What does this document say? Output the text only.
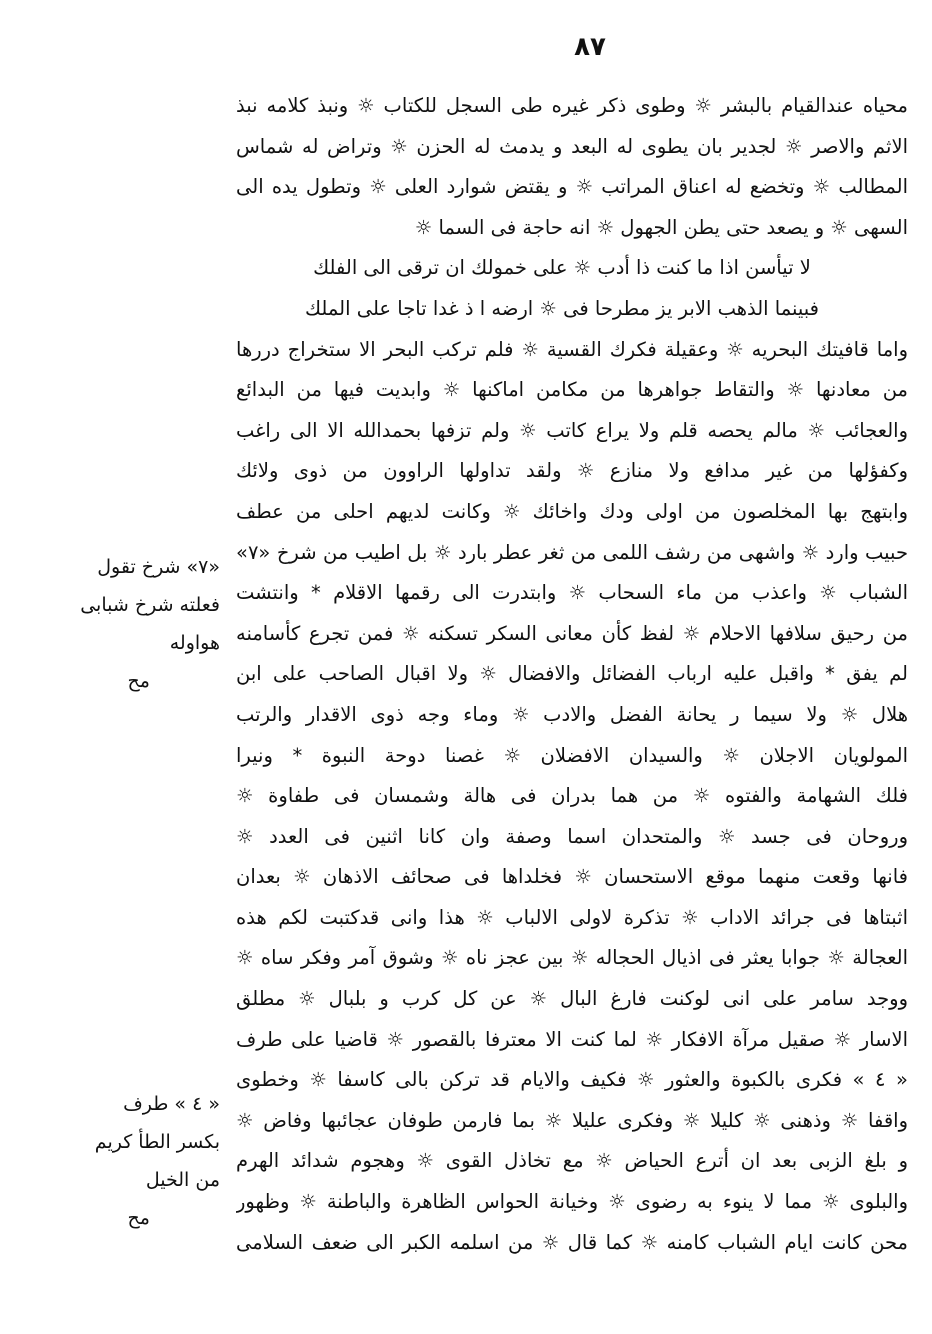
٨٧
محياه عندالقيام بالبشر ☼ وطوى ذكر غيره طى السجل للكتاب ☼ ونبذ كلامه نبذ
الاثم والاصر ☼ لجدير بان يطوى له البعد و يدمث له الحزن ☼ وتراض له شماس
المطالب ☼ وتخضع له اعناق المراتب ☼ و يقتض شوارد العلى ☼ وتطول يده الى
السهى ☼ و يصعد حتى يطن الجهول ☼ انه حاجة فى السما ☼
لا تيأسن اذا ما كنت ذا أدب ☼ على خمولك ان ترقى الى الفلك
فبينما الذهب الابر يز مطرحا فى ☼ ارضه ا ذ غدا تاجا على الملك
واما قافيتك البحريه ☼ وعقيلة فكرك القسية ☼ فلم تركب البحر الا ستخراج دررها
من معادنها ☼ والتقاط جواهرها من مكامن اماكنها ☼ وابديت فيها من البدائع
والعجائب ☼ مالم يحصه قلم ولا يراع كاتب ☼ ولم تزفها بحمدالله الا الى راغب
وكفؤلها من غير مدافع ولا منازع ☼ ولقد تداولها الراوون من ذوى ولائك
وابتهج بها المخلصون من اولى ودك واخائك ☼ وكانت لديهم احلى من عطف
حبيب وارد ☼ واشهى من رشف اللمى من ثغر عطر بارد ☼ بل اطيب من شرخ «٧»
الشباب ☼ واعذب من ماء السحاب ☼ وابتدرت الى رقمها الاقلام * وانتشت
من رحيق سلافها الاحلام ☼ لفظ كأن معانى السكر تسكنه ☼ فمن تجرع كأسامنه
لم يفق * واقبل عليه ارباب الفضائل والافضال ☼ ولا اقبال الصاحب على ابن
هلال ☼ ولا سيما ر يحانة الفضل والادب ☼ وماء وجه ذوى الاقدار والرتب
المولويان الاجلان ☼ والسيدان الافضلان ☼ غصنا دوحة النبوة * ونيرا
فلك الشهامة والفتوه ☼ من هما بدران فى هالة وشمسان فى طفاوة ☼
وروحان فى جسد ☼ والمتحدان اسما وصفة وان كانا اثنين فى العدد ☼
فانها وقعت منهما موقع الاستحسان ☼ فخلداها فى صحائف الاذهان ☼ بعدان
اثبتاها فى جرائد الاداب ☼ تذكرة لاولى الالباب ☼ هذا وانى قدكتبت لكم هذه
العجالة ☼ جوابا يعثر فى اذيال الحجاله ☼ بين عجز ناه ☼ وشوق آمر وفكر ساه ☼
ووجد سامر على انى لوكنت فارغ البال ☼ عن كل كرب و بلبال ☼ مطلق
الاسار ☼ صقيل مرآة الافكار ☼ لما كنت الا معترفا بالقصور ☼ قاضيا على طرف
« ٤ » فكرى بالكبوة والعثور ☼ فكيف والايام قد تركن بالى كاسفا ☼ وخطوى
واقفا ☼ وذهنى ☼ كليلا ☼ وفكرى عليلا ☼ بما فارمن طوفان عجائبها وفاض ☼
و بلغ الزبى بعد ان أترع الحياض ☼ مع تخاذل القوى ☼ وهجوم شدائد الهرم
والبلوى ☼ مما لا ينوء به رضوى ☼ وخيانة الحواس الظاهرة والباطنة ☼ وظهور
محن كانت ايام الشباب كامنه ☼ كما قال ☼ من اسلمه الكبر الى ضعف السلامى
«٧» شرخ تقول
فعلته شرخ شبابى
هواوله
مح
« ٤ » طرف
بكسر الطأ كريم
من الخيل
مح
